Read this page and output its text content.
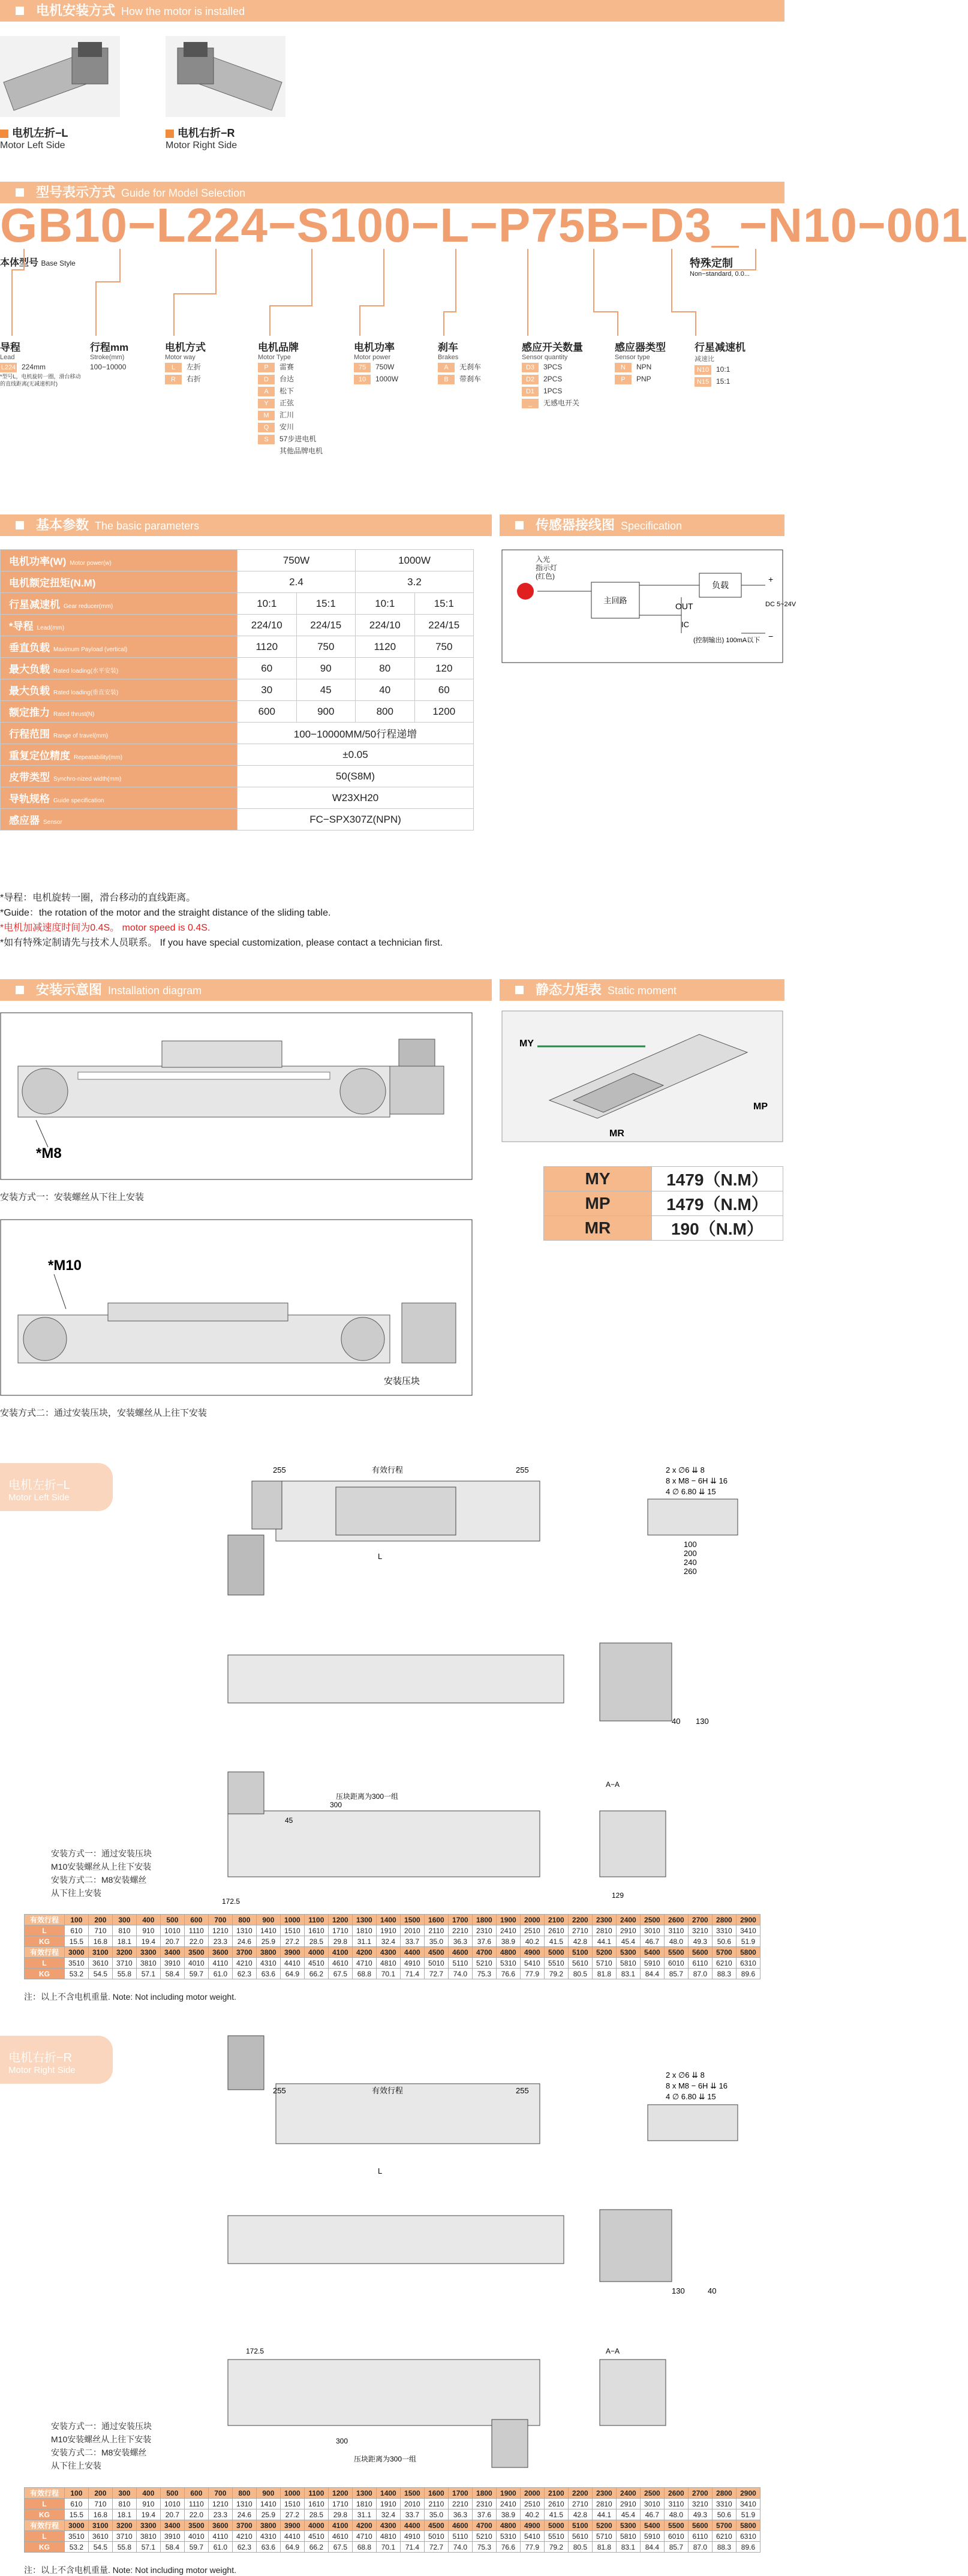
电机安装方式 How the motor is installed
电机左折−L
Motor Left Side
电机右折−R
Motor Right Side
型号表示方式 Guide for Model Selection
GB10−L224−S100−L−P75B−D3_−N10−001
本体型号 Base Style	特殊定制
Non−standard, 0.0...
导程
Lead
L224 224mm
*型号L，电机旋转一圈，滑台移动的直线距离(无减速机时)
行程mm
Stroke(mm)
100−10000
电机方式
Motor way
L 左折
R 右折
电机品牌
Motor Type
P 雷赛
D 台达
A 松下
Y 正弦
M 汇川
Q 安川
S 57步进电机
其他品牌电机
电机功率
Motor power
75 750W
10 1000W
刹车
Brakes
A 无刹车
B 带刹车
感应开关数量
Sensor quantity
D3 3PCS
D2 2PCS
D1 1PCS
_ 无感电开关
感应器类型
Sensor type
N NPN
P PNP
行星减速机
减速比
N10 10:1
N15 15:1
基本参数 The basic parameters	传感器接线图 Specification
电机功率(W) Motor power(w)	750W		1000W	
电机额定扭矩(N.M)	2.4		3.2	
行星减速机 Gear reducer(mm)	10:1	15:1	10:1	15:1
*导程 Lead(mm)	224/10	224/15	224/10	224/15
垂直负载 Maximum Payload (vertical)	1120	750	1120	750
最大负载 Rated loading(水平安装)	60	90	80	120
最大负载 Rated loading(垂直安装)	30	45	40	60
额定推力 Rated thrust(N)	600	900	800	1200
行程范围 Range of travel(mm)	100−10000MM/50行程递增			
重复定位精度 Repeatability(mm)	±0.05			
皮带类型 Synchro-nized width(mm)	50(S8M)			
导轨规格 Guide specification	W23XH20			
感应器 Sensor	FC−SPX307Z(NPN)			
主回路
负载
OUT
IC
(控制输出) 100mA以下
DC 5~24V
+
−
入光
指示灯
(红色)
*导程：电机旋转一圈，滑台移动的直线距离。
*Guide：the rotation of the motor and the straight distance of the sliding table.
*电机加减速度时间为0.4S。 motor speed is 0.4S.
*如有特殊定制请先与技术人员联系。 If you have special customization, please contact a technician first.
安装示意图 Installation diagram	静态力矩表 Static moment
*M8
安装方式一：安装螺丝从下往上安装
*M10
安装压块
安装方式二：通过安装压块，安装螺丝从上往下安装
MY
MP
MR
MY	1479（N.M）
MP	1479（N.M）
MR	190（N.M）
电机左折−L
Motor Left Side
255	有效行程	255
L
2 x ∅6 ⇊ 8
8 x M8 − 6H ⇊ 16
4 ∅ 6.80 ⇊ 15
100
200
240
260
40 130
压块距离为300一组
300
45
172.5
A−A
129
安装方式一：通过安装压块
M10安装螺丝从上往下安装
安装方式二：M8安装螺丝
从下往上安装
有效行程	100	200	300	400	500	600	700	800	900	1000	1100	1200	1300	1400	1500	1600	1700	1800	1900	2000	2100	2200	2300	2400	2500	2600	2700	2800	2900
L	610	710	810	910	1010	1110	1210	1310	1410	1510	1610	1710	1810	1910	2010	2110	2210	2310	2410	2510	2610	2710	2810	2910	3010	3110	3210	3310	3410
KG	15.5	16.8	18.1	19.4	20.7	22.0	23.3	24.6	25.9	27.2	28.5	29.8	31.1	32.4	33.7	35.0	36.3	37.6	38.9	40.2	41.5	42.8	44.1	45.4	46.7	48.0	49.3	50.6	51.9
有效行程	3000	3100	3200	3300	3400	3500	3600	3700	3800	3900	4000	4100	4200	4300	4400	4500	4600	4700	4800	4900	5000	5100	5200	5300	5400	5500	5600	5700	5800
L	3510	3610	3710	3810	3910	4010	4110	4210	4310	4410	4510	4610	4710	4810	4910	5010	5110	5210	5310	5410	5510	5610	5710	5810	5910	6010	6110	6210	6310
KG	53.2	54.5	55.8	57.1	58.4	59.7	61.0	62.3	63.6	64.9	66.2	67.5	68.8	70.1	71.4	72.7	74.0	75.3	76.6	77.9	79.2	80.5	81.8	83.1	84.4	85.7	87.0	88.3	89.6
注：以上不含电机重量. Note: Not including motor weight.
电机右折−R
Motor Right Side
255	有效行程	255
L
2 x ∅6 ⇊ 8
8 x M8 − 6H ⇊ 16
4 ∅ 6.80 ⇊ 15
130	40
172.5
300
压块距离为300一组
A−A
安装方式一：通过安装压块
M10安装螺丝从上往下安装
安装方式二：M8安装螺丝
从下往上安装
有效行程	100	200	300	400	500	600	700	800	900	1000	1100	1200	1300	1400	1500	1600	1700	1800	1900	2000	2100	2200	2300	2400	2500	2600	2700	2800	2900
L	610	710	810	910	1010	1110	1210	1310	1410	1510	1610	1710	1810	1910	2010	2110	2210	2310	2410	2510	2610	2710	2810	2910	3010	3110	3210	3310	3410
KG	15.5	16.8	18.1	19.4	20.7	22.0	23.3	24.6	25.9	27.2	28.5	29.8	31.1	32.4	33.7	35.0	36.3	37.6	38.9	40.2	41.5	42.8	44.1	45.4	46.7	48.0	49.3	50.6	51.9
有效行程	3000	3100	3200	3300	3400	3500	3600	3700	3800	3900	4000	4100	4200	4300	4400	4500	4600	4700	4800	4900	5000	5100	5200	5300	5400	5500	5600	5700	5800
L	3510	3610	3710	3810	3910	4010	4110	4210	4310	4410	4510	4610	4710	4810	4910	5010	5110	5210	5310	5410	5510	5610	5710	5810	5910	6010	6110	6210	6310
KG	53.2	54.5	55.8	57.1	58.4	59.7	61.0	62.3	63.6	64.9	66.2	67.5	68.8	70.1	71.4	72.7	74.0	75.3	76.6	77.9	79.2	80.5	81.8	83.1	84.4	85.7	87.0	88.3	89.6
注：以上不含电机重量. Note: Not including motor weight.
